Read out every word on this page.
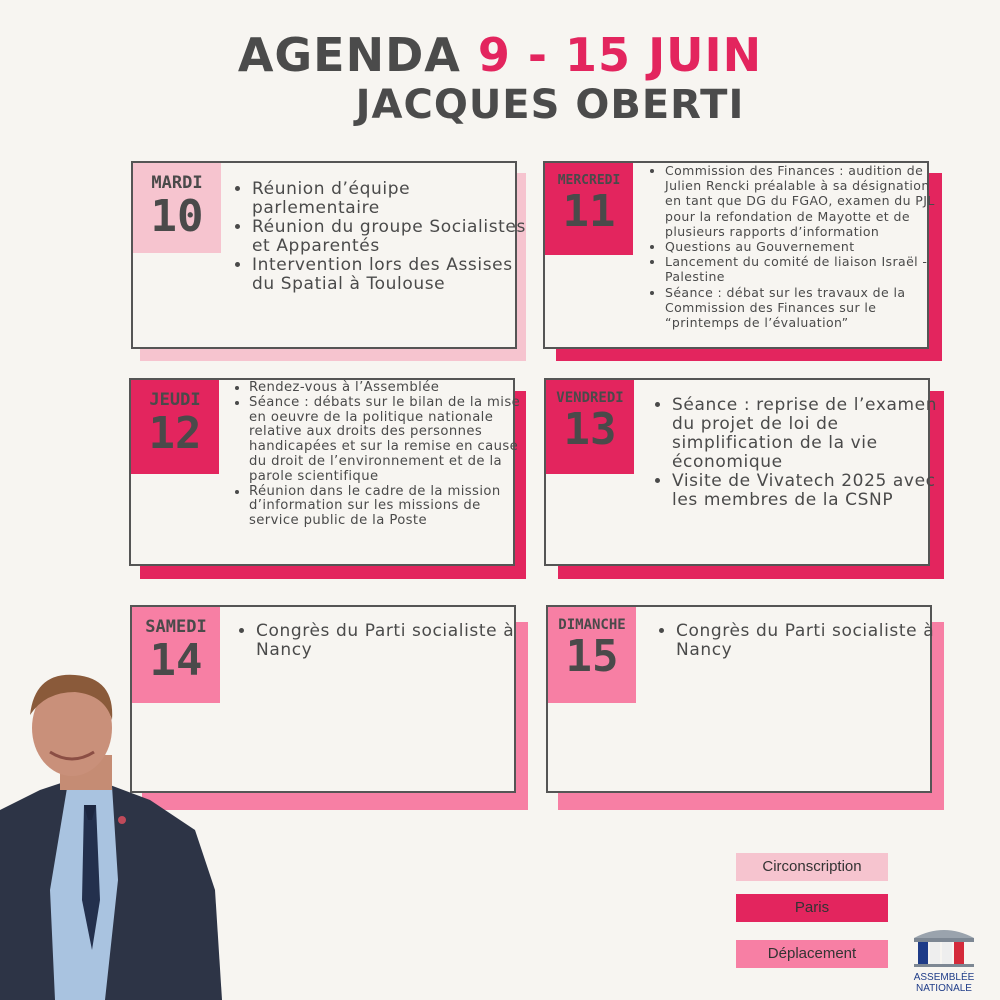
AGENDA 9 - 15 JUIN
JACQUES OBERTI
MARDI
10
• Réunion d’équipe parlementaire
• Réunion du groupe Socialistes et Apparentés
• Intervention lors des Assises du Spatial à Toulouse
MERCREDI
11
• Commission des Finances : audition de Julien Rencki préalable à sa désignation en tant que DG du FGAO, examen du PJL pour la refondation de Mayotte et de plusieurs rapports d’information
• Questions au Gouvernement
• Lancement du comité de liaison Israël - Palestine
• Séance : débat sur les travaux de la Commission des Finances sur le “printemps de l’évaluation”
JEUDI
12
• Rendez-vous à l’Assemblée
• Séance : débats sur le bilan de la mise en oeuvre de la politique nationale relative aux droits des personnes handicapées et sur la remise en cause du droit de l’environnement et de la parole scientifique
• Réunion dans le cadre de la mission d’information sur les missions de service public de la Poste
VENDREDI
13	• Séance : reprise de l’examen du projet de loi de simplification de la vie économique
• Visite de Vivatech 2025 avec les membres de la CSNP
SAMEDI
14
• Congrès du Parti socialiste à Nancy
DIMANCHE
15	• Congrès du Parti socialiste à Nancy
Circonscription
Paris
Déplacement
ASSEMBLÉE
NATIONALE
